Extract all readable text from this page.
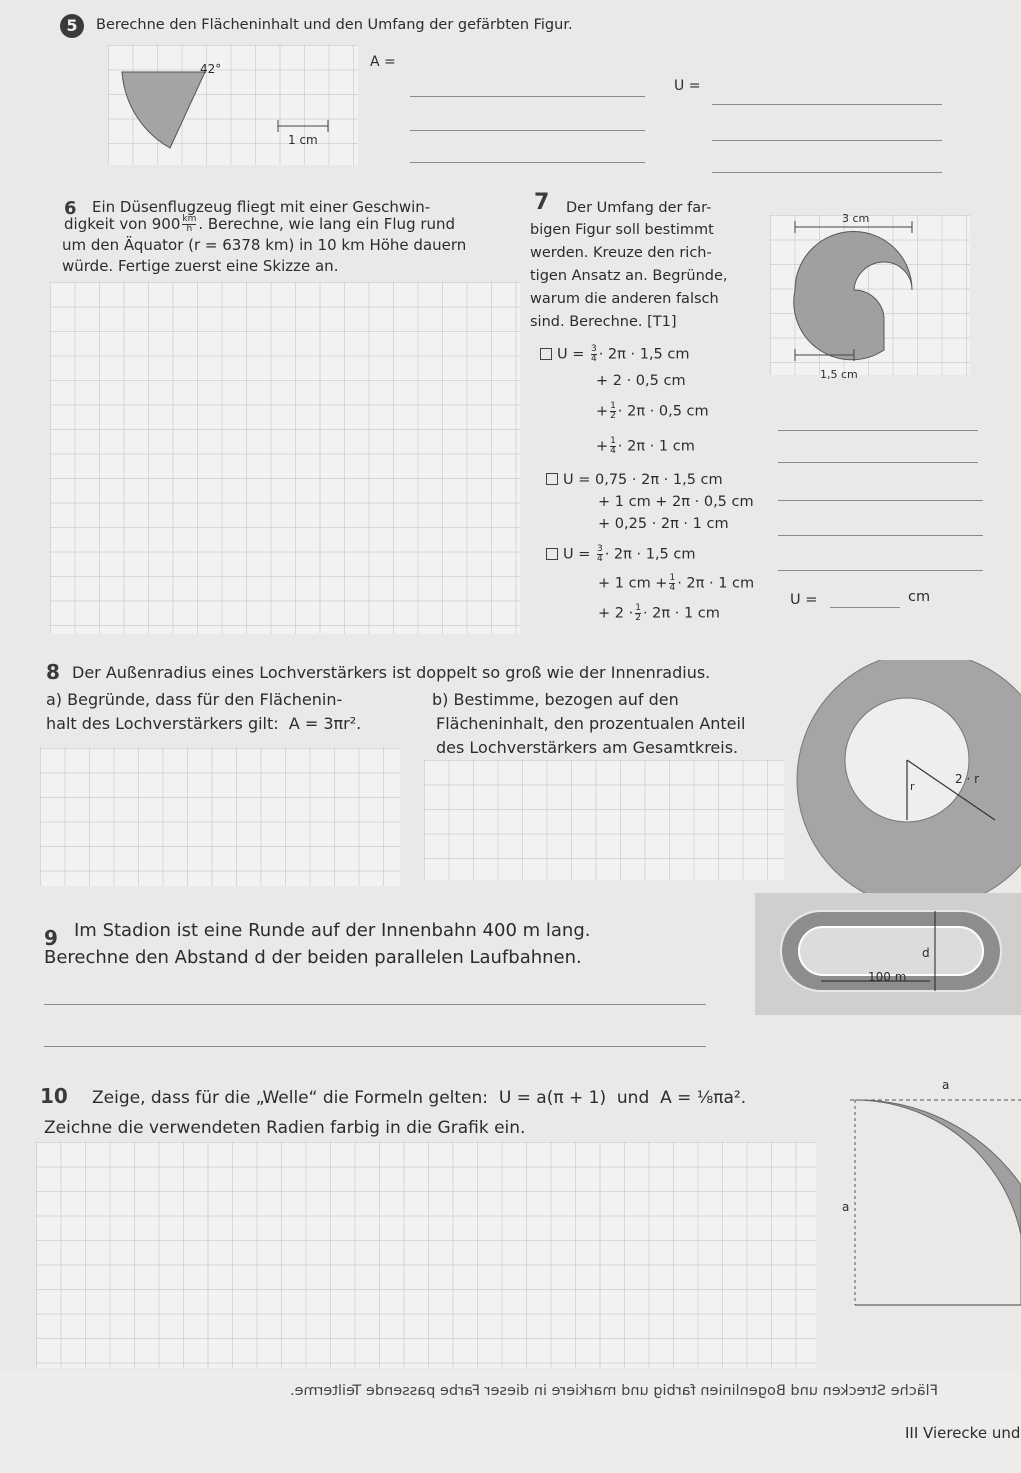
5	Berechne den Flächeninhalt und den Umfang der gefärbten Figur.
42°
1 cm
A =
U =
6 Ein Düsenflugzeug fliegt mit einer Geschwin-
digkeit von $900 \frac{km}{h}$ . Berechne, wie lang ein Flug rund
um den Äquator (r = 6378 km) in 10 km Höhe dauern
würde. Fertige zuerst eine Skizze an.
7 Der Umfang der far-
bigen Figur soll bestimmt
werden. Kreuze den rich-
tigen Ansatz an. Begründe,
warum die anderen falsch
sind. Berechne. [T1]
3 cm
1,5 cm
$U = \frac{3}{4} \cdot 2\pi \cdot 1,5$ cm
+ 2 · 0,5 cm
+ $\frac{1}{2} \cdot 2\pi \cdot 0,5$ cm
+ $\frac{1}{4} \cdot 2\pi \cdot 1$ cm
U = 0,75 · 2π · 1,5 cm
+ 1 cm + 2π · 0,5 cm
+ 0,25 · 2π · 1 cm
$U = \frac{3}{4} \cdot 2\pi \cdot 1,5$ cm
+ 1 cm + $\frac{1}{4} \cdot 2\pi \cdot 1$ cm
+ $2 \cdot \frac{1}{2} \cdot 2\pi \cdot 1$ cm
U =	cm
8 Der Außenradius eines Lochverstärkers ist doppelt so groß wie der Innenradius.
a) Begründe, dass für den Flächenin-
halt des Lochverstärkers gilt: A = 3πr².
b) Bestimme, bezogen auf den
Flächeninhalt, den prozentualen Anteil
des Lochverstärkers am Gesamtkreis.
r
2 · r
9 Im Stadion ist eine Runde auf der Innenbahn 400 m lang.
Berechne den Abstand d der beiden parallelen Laufbahnen.	d
100 m
10 Zeige, dass für die „Welle“ die Formeln gelten: U = a(π + 1) und A = ⅛πa².
Zeichne die verwendeten Radien farbig in die Grafik ein.
a
a
Fläche Strecken und Bogenlinien farbig und markiere in dieser Farbe passende Teilterme.
III Vierecke und
